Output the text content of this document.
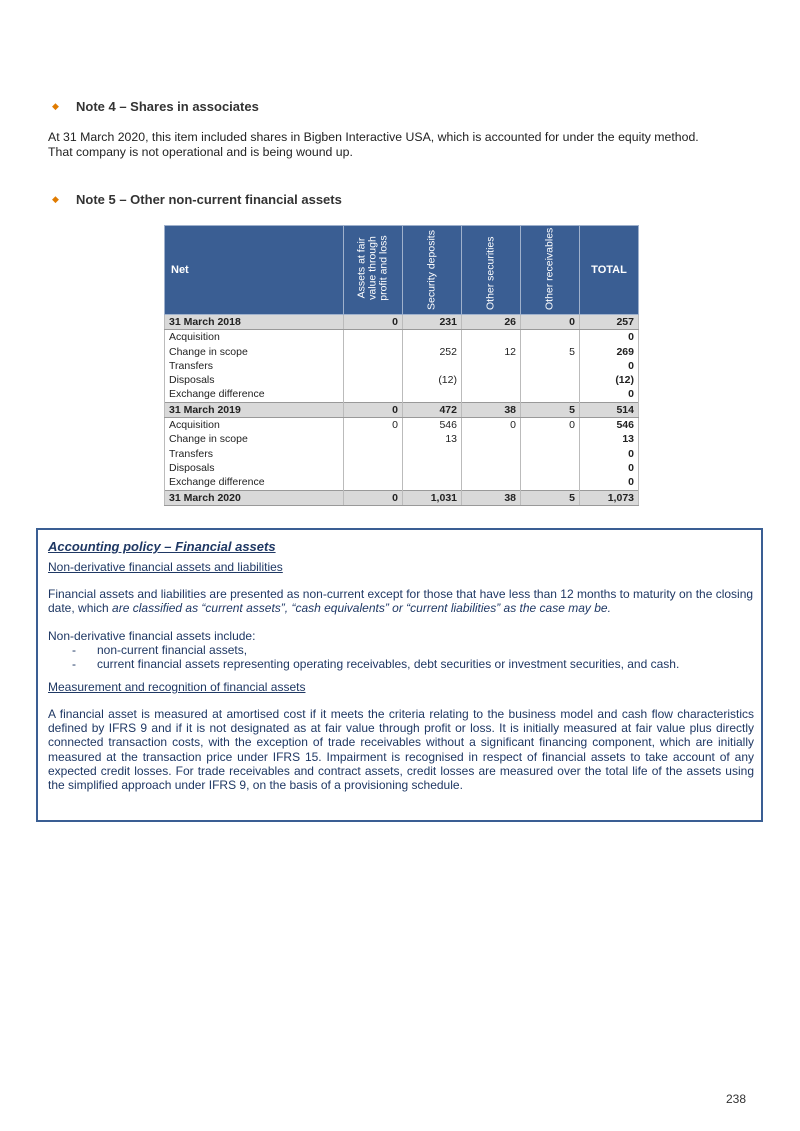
◆ Note 4 – Shares in associates
At 31 March 2020, this item included shares in Bigben Interactive USA, which is accounted for under the equity method.
That company is not operational and is being wound up.
◆ Note 5 – Other non-current financial assets
Net	Assets at fair value through profit and loss	Security deposits	Other securities	Other receivables	TOTAL
31 March 2018	0	231	26	0	257
Acquisition					0
Change in scope		252	12	5	269
Transfers					0
Disposals		(12)			(12)
Exchange difference					0
31 March 2019	0	472	38	5	514
Acquisition	0	546	0	0	546
Change in scope		13			13
Transfers					0
Disposals					0
Exchange difference					0
31 March 2020	0	1,031	38	5	1,073
Accounting policy – Financial assets
Non-derivative financial assets and liabilities
Financial assets and liabilities are presented as non-current except for those that have less than 12 months to maturity on the closing
date, which are classified as “current assets”, “cash equivalents” or “current liabilities” as the case may be.
Non-derivative financial assets include:
- non-current financial assets,
- current financial assets representing operating receivables, debt securities or investment securities, and cash.
Measurement and recognition of financial assets
A financial asset is measured at amortised cost if it meets the criteria relating to the business model and cash flow characteristics defined by IFRS 9 and if it is not designated as at fair value through profit or loss. It is initially measured at fair value plus directly connected transaction costs, with the exception of trade receivables without a significant financing component, which are initially measured at the transaction price under IFRS 15. Impairment is recognised in respect of financial assets to take account of any expected credit losses. For trade receivables and contract assets, credit losses are measured over the total life of the assets using the simplified approach under IFRS 9, on the basis of a provisioning schedule.
238
